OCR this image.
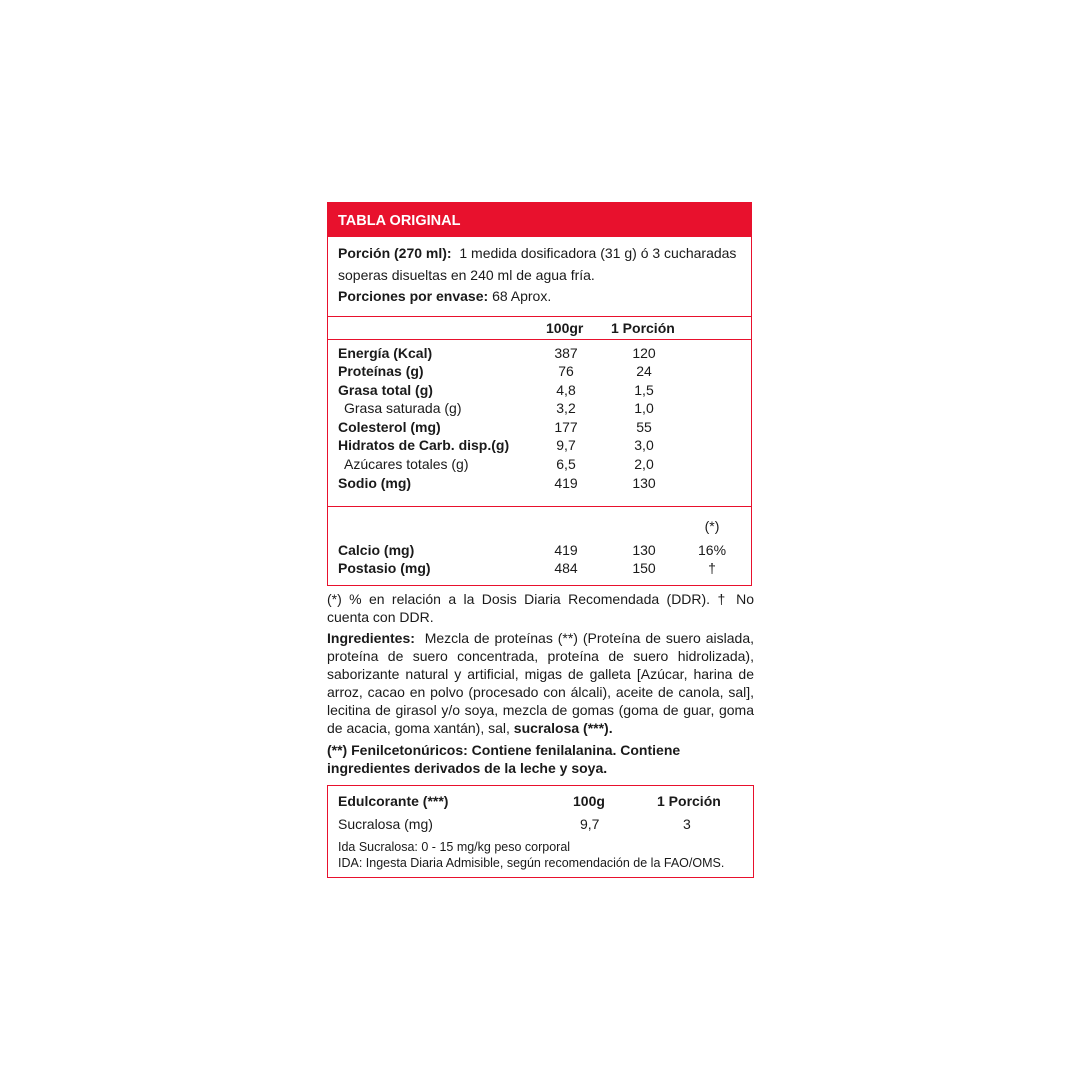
TABLA ORIGINAL
Porción (270 ml): 1 medida dosificadora (31 g) ó 3 cucharadas soperas disueltas en 240 ml de agua fría.
Porciones por envase: 68 Aprox.
100gr 1 Porción
Energía (Kcal)	387	120
Proteínas (g)	76	24
Grasa total (g)	4,8	1,5
Grasa saturada (g)	3,2	1,0
Colesterol (mg)	177	55
Hidratos de Carb. disp.(g)	9,7	3,0
Azúcares totales (g)	6,5	2,0
Sodio (mg)	419	130
(*)
Calcio (mg)	419	130	16%
Postasio (mg)	484	150	†
(*) % en relación a la Dosis Diaria Recomendada (DDR). † No cuenta con DDR.
Ingredientes: Mezcla de proteínas (**) (Proteína de suero aislada, proteína de suero concentrada, proteína de suero hidrolizada), saborizante natural y artificial, migas de galleta [Azúcar, harina de arroz, cacao en polvo (procesado con álcali), aceite de canola, sal], lecitina de girasol y/o soya, mezcla de gomas (goma de guar, goma de acacia, goma xantán), sal, sucralosa (***).
(**) Fenilcetonúricos: Contiene fenilalanina. Contiene ingredientes derivados de la leche y soya.
Edulcorante (***)	100g	1 Porción
Sucralosa (mg)	9,7	3
Ida Sucralosa: 0 - 15 mg/kg peso corporal
IDA: Ingesta Diaria Admisible, según recomendación de la FAO/OMS.
